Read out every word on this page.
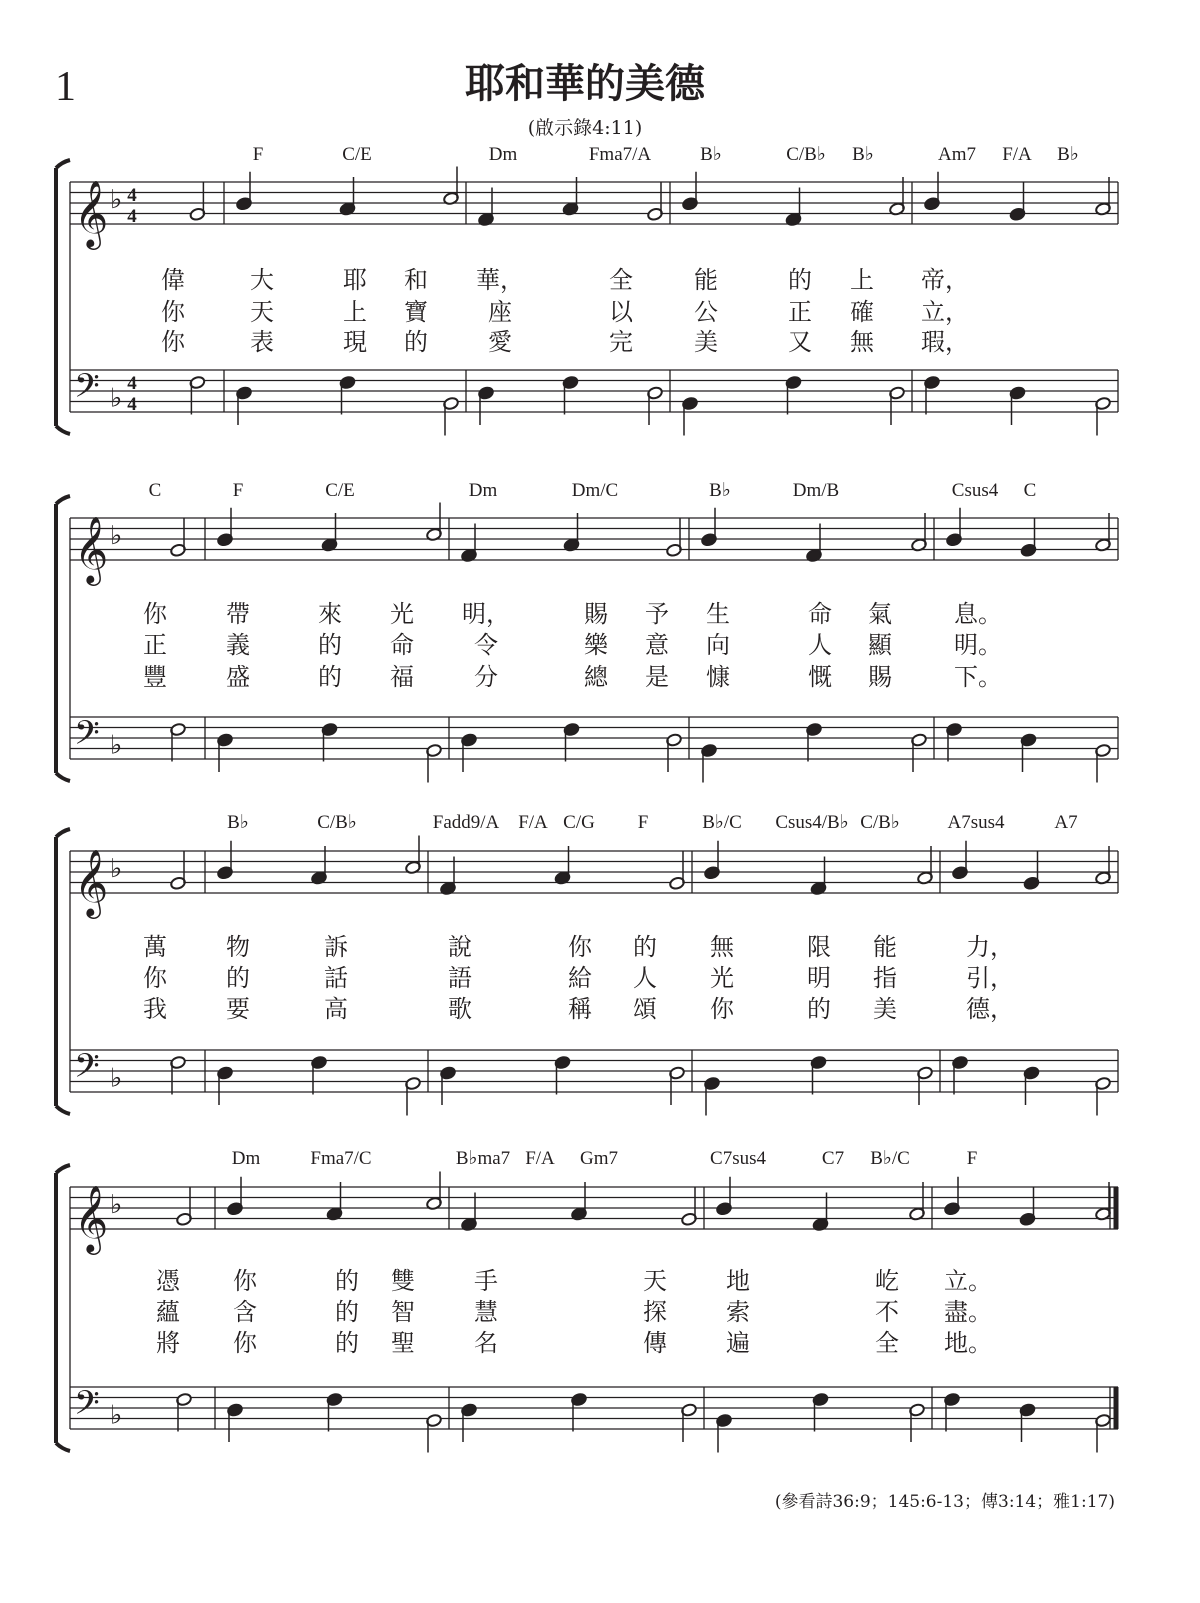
1	耶和華的美德
(啟示錄4:11)
(參看詩36:9；145:6-13；傳3:14；雅1:17)
𝄞 ♭
𝄢 ♭
F	C/E	Dm	Fma7/A	B♭	C/B♭ B♭	Am7 F/A B♭
偉	大	耶 和 華，	全	能	的 上 帝，
你	天	上 寶	座	以	公	正 確 立，
你	表	現 的	愛	完	美	又 無 瑕，
4
4
4
4
𝄞 ♭
𝄢 ♭
C	F	C/E	Dm	Dm/C	B♭	Dm/B	Csus4 C
你 帶	來 光 明，	賜 予 生	命 氣	息。
正 義	的 命	令	樂 意 向	人 顯	明。
豐 盛	的 福	分	總 是 慷	慨 賜	下。
𝄞 ♭
𝄢 ♭
B♭	C/B♭	Fadd9/A F/A C/G F	B♭/C Csus4/B♭ C/B♭	A7sus4	A7
萬 物	訴	說	你 的 無	限 能	力，
你 的	話	語	給 人 光	明 指	引，
我 要	高	歌	稱 頌 你	的 美	德，
𝄞 ♭
𝄢 ♭
Dm	Fma7/C	B♭ma7 F/A Gm7	C7sus4	C7 B♭/C	F
憑 你	的 雙 手	天 地	屹 立。
蘊 含	的 智 慧	探 索	不 盡。
將 你	的 聖 名	傳 遍	全 地。
